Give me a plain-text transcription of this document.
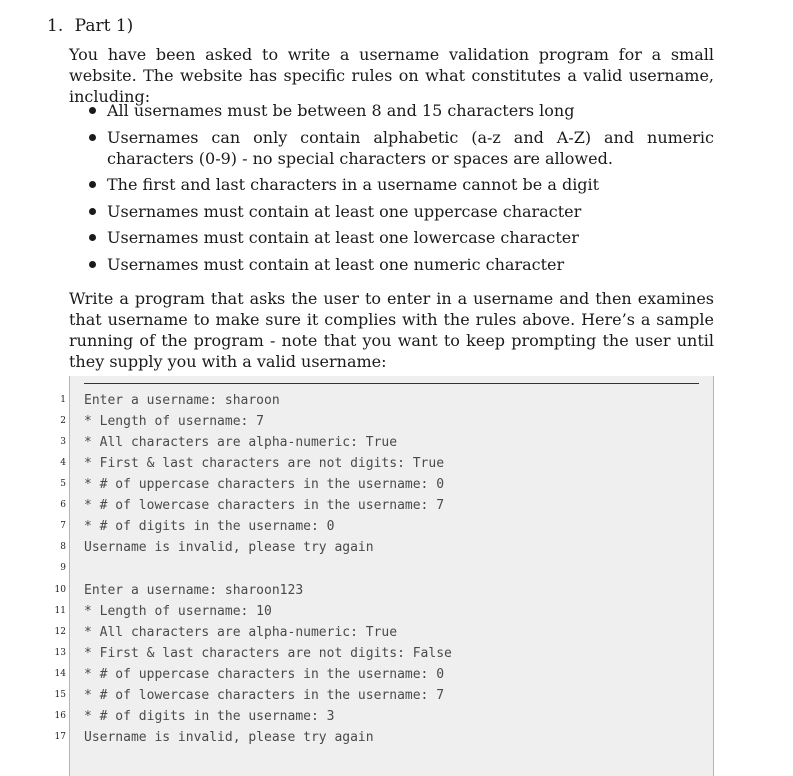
1. Part 1)
You have been asked to write a username validation program for a small website. The website has specific rules on what constitutes a valid username, including:
All usernames must be between 8 and 15 characters long
Usernames can only contain alphabetic (a-z and A-Z) and numeric characters (0-9) - no special characters or spaces are allowed.
The first and last characters in a username cannot be a digit
Usernames must contain at least one uppercase character
Usernames must contain at least one lowercase character
Usernames must contain at least one numeric character
Write a program that asks the user to enter in a username and then examines that username to make sure it complies with the rules above. Here’s a sample running of the program - note that you want to keep prompting the user until they supply you with a valid username:
1 Enter a username: sharoon
2 * Length of username: 7
3 * All characters are alpha-numeric: True
4 * First & last characters are not digits: True
5 * # of uppercase characters in the username: 0
6 * # of lowercase characters in the username: 7
7 * # of digits in the username: 0
8 Username is invalid, please try again
9
10 Enter a username: sharoon123
11 * Length of username: 10
12 * All characters are alpha-numeric: True
13 * First & last characters are not digits: False
14 * # of uppercase characters in the username: 0
15 * # of lowercase characters in the username: 7
16 * # of digits in the username: 3
17 Username is invalid, please try again
